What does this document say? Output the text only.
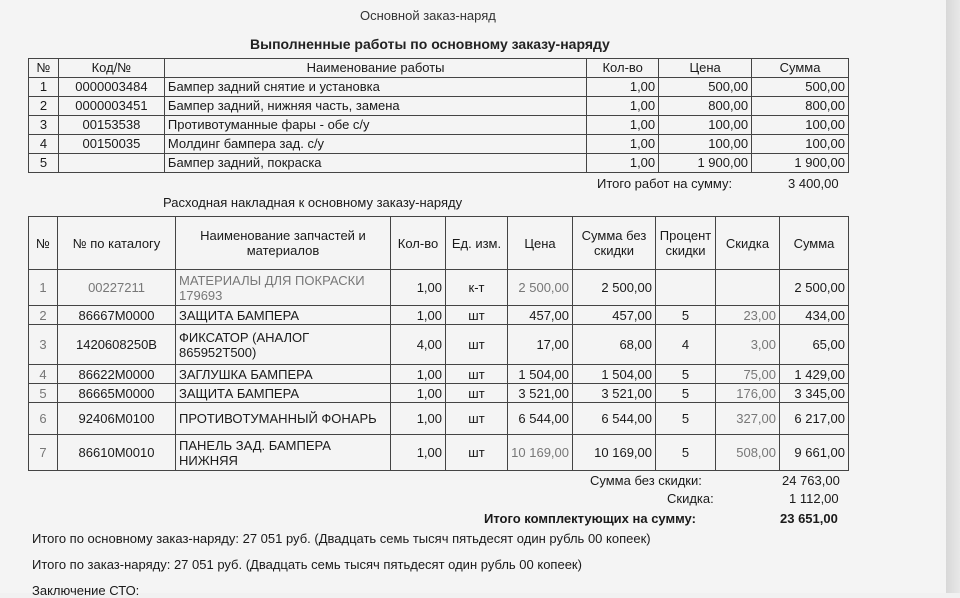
Основной заказ-наряд
Выполненные работы по основному заказу-наряду
№	Код/№	Наименование работы	Кол-во	Цена	Сумма
1	0000003484	Бампер задний снятие и установка	1,00	500,00	500,00
2	0000003451	Бампер задний, нижняя часть, замена	1,00	800,00	800,00
3	00153538	Противотуманные фары - обе с/у	1,00	100,00	100,00
4	00150035	Молдинг бампера зад. с/у	1,00	100,00	100,00
5		Бампер задний, покраска	1,00	1 900,00	1 900,00
Итого работ на сумму:	3 400,00
Расходная накладная к основному заказу-наряду
№	№ по каталогу	Наименование запчастей и материалов	Кол-во	Ед. изм.	Цена	Сумма без скидки	Процент скидки	Скидка	Сумма
1	00227211	МАТЕРИАЛЫ ДЛЯ ПОКРАСКИ 179693	1,00	к-т	2 500,00	2 500,00			2 500,00
2	86667M0000	ЗАЩИТА БАМПЕРА	1,00	шт	457,00	457,00	5	23,00	434,00
3	1420608250B	ФИКСАТОР (АНАЛОГ 865952T500)	4,00	шт	17,00	68,00	4	3,00	65,00
4	86622M0000	ЗАГЛУШКА БАМПЕРА	1,00	шт	1 504,00	1 504,00	5	75,00	1 429,00
5	86665M0000	ЗАЩИТА БАМПЕРА	1,00	шт	3 521,00	3 521,00	5	176,00	3 345,00
6	92406M0100	ПРОТИВОТУМАННЫЙ ФОНАРЬ	1,00	шт	6 544,00	6 544,00	5	327,00	6 217,00
7	86610M0010	ПАНЕЛЬ ЗАД. БАМПЕРА НИЖНЯЯ	1,00	шт	10 169,00	10 169,00	5	508,00	9 661,00
Сумма без скидки:	24 763,00
Скидка:	1 112,00
Итого комплектующих на сумму:	23 651,00
Итого по основному заказ-наряду: 27 051 руб. (Двадцать семь тысяч пятьдесят один рубль 00 копеек)
Итого по заказ-наряду: 27 051 руб. (Двадцать семь тысяч пятьдесят один рубль 00 копеек)
Заключение СТО:
